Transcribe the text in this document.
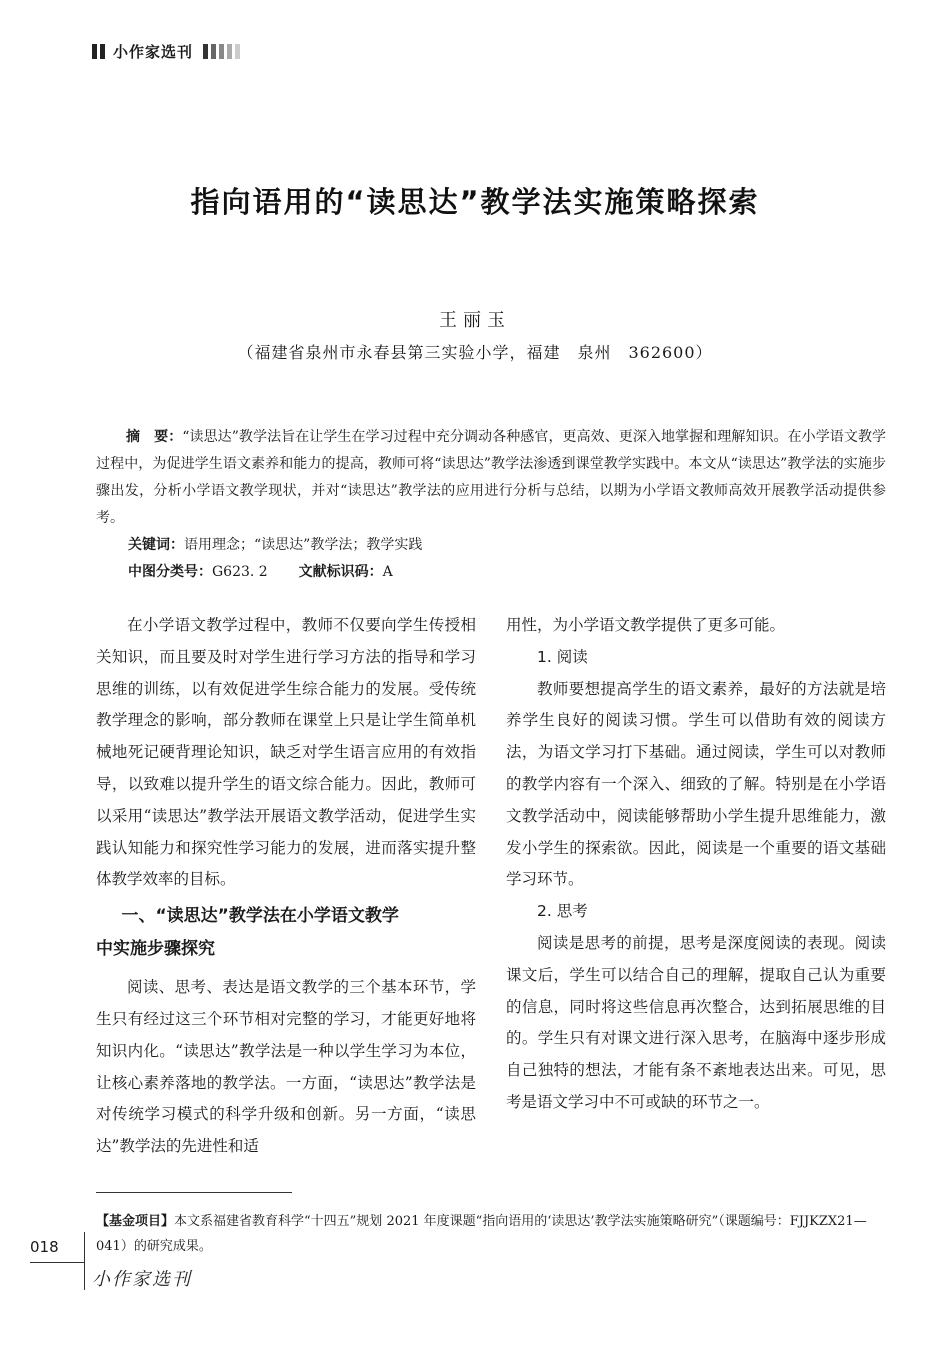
小作家选刊
指向语用的“读思达”教学法实施策略探索
王丽玉
（福建省泉州市永春县第三实验小学，福建　泉州　362600）
摘　要：“读思达”教学法旨在让学生在学习过程中充分调动各种感官，更高效、更深入地掌握和理解知识。在小学语文教学过程中，为促进学生语文素养和能力的提高，教师可将“读思达”教学法渗透到课堂教学实践中。本文从“读思达”教学法的实施步骤出发，分析小学语文教学现状，并对“读思达”教学法的应用进行分析与总结，以期为小学语文教师高效开展教学活动提供参考。
关键词：语用理念；“读思达”教学法；教学实践
中图分类号：G623. 2 文献标识码：A

在小学语文教学过程中，教师不仅要向学生传授相关知识，而且要及时对学生进行学习方法的指导和学习思维的训练，以有效促进学生综合能力的发展。受传统教学理念的影响，部分教师在课堂上只是让学生简单机械地死记硬背理论知识，缺乏对学生语言应用的有效指导，以致难以提升学生的语文综合能力。因此，教师可以采用“读思达”教学法开展语文教学活动，促进学生实践认知能力和探究性学习能力的发展，进而落实提升整体教学效率的目标。

一、“读思达”教学法在小学语文教学
中实施步骤探究

阅读、思考、表达是语文教学的三个基本环节，学生只有经过这三个环节相对完整的学习，才能更好地将知识内化。“读思达”教学法是一种以学生学习为本位，让核心素养落地的教学法。一方面，“读思达”教学法是对传统学习模式的科学升级和创新。另一方面，“读思达”教学法的先进性和适

用性，为小学语文教学提供了更多可能。

1. 阅读

教师要想提高学生的语文素养，最好的方法就是培养学生良好的阅读习惯。学生可以借助有效的阅读方法，为语文学习打下基础。通过阅读，学生可以对教师的教学内容有一个深入、细致的了解。特别是在小学语文教学活动中，阅读能够帮助小学生提升思维能力，激发小学生的探索欲。因此，阅读是一个重要的语文基础学习环节。

2. 思考

阅读是思考的前提，思考是深度阅读的表现。阅读课文后，学生可以结合自己的理解，提取自己认为重要的信息，同时将这些信息再次整合，达到拓展思维的目的。学生只有对课文进行深入思考，在脑海中逐步形成自己独特的想法，才能有条不紊地表达出来。可见，思考是语文学习中不可或缺的环节之一。

【基金项目】本文系福建省教育科学“十四五”规划 2021 年度课题“指向语用的‘读思达’教学法实施策略研究”（课题编号：FJJKZX21—041）的研究成果。
018
小作家选刊
